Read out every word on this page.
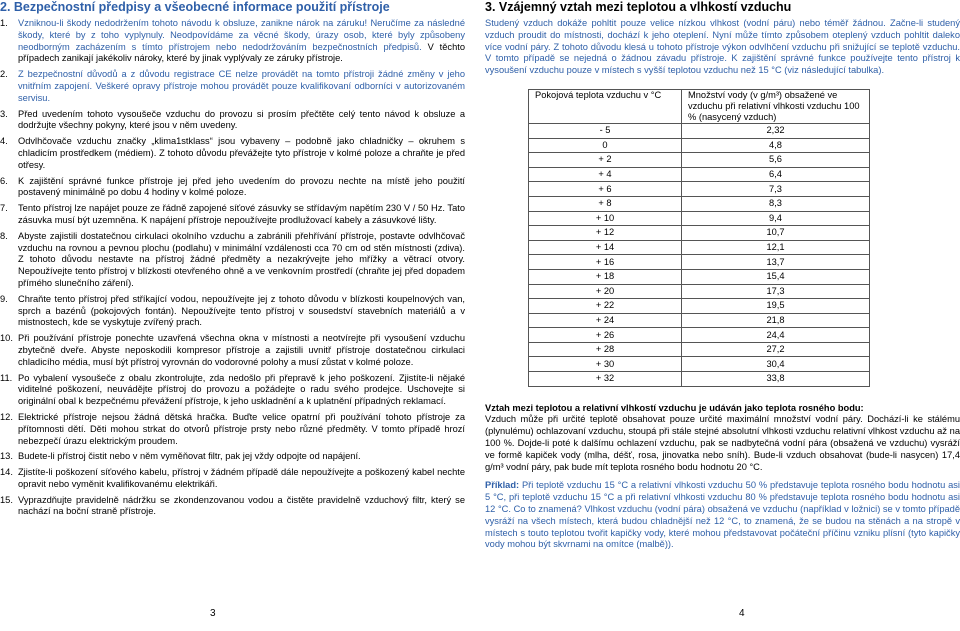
2. Bezpečnostní předpisy a všeobecné informace použití přístroje
1.	Vzniknou-li škody nedodržením tohoto návodu k obsluze, zanikne nárok na záruku! Neručíme za následné škody, které by z toho vyplynuly. Neodpovídáme za věcné škody, úrazy osob, které byly způsobeny neodborným zacházením s tímto přístrojem nebo nedodržováním bezpečnostních předpisů. V těchto případech zanikají jakékoliv nároky, které by jinak vyplývaly ze záruky přístroje.
2.	Z bezpečnostní důvodů a z důvodu registrace CE nelze provádět na tomto přístroji žádné změny v jeho vnitřním zapojení. Veškeré opravy přístroje mohou provádět pouze kvalifikovaní odborníci v autorizovaném servisu.
3.	Před uvedením tohoto vysoušeče vzduchu do provozu si prosím přečtěte celý tento návod k obsluze a dodržujte všechny pokyny, které jsou v něm uvedeny.
4.	Odvlhčovače vzduchu značky „klima1stklass“ jsou vybaveny – podobně jako chladničky – okruhem s chladicím prostředkem (médiem). Z tohoto důvodu převážejte tyto přístroje v kolmé poloze a chraňte je před otřesy.
6.	K zajištění správné funkce přístroje jej před jeho uvedením do provozu nechte na místě jeho použití postavený minimálně po dobu 4 hodiny v kolmé poloze.
7.	Tento přístroj lze napájet pouze ze řádně zapojené síťové zásuvky se střídavým napětím 230 V / 50 Hz. Tato zásuvka musí být uzemněna. K napájení přístroje nepoužívejte prodlužovací kabely a zásuvkové lišty.
8.	Abyste zajistili dostatečnou cirkulaci okolního vzduchu a zabránili přehřívání přístroje, postavte odvlhčovač vzduchu na rovnou a pevnou plochu (podlahu) v minimální vzdálenosti cca 70 cm od stěn místnosti (zdiva). Z tohoto důvodu nestavte na přístroj žádné předměty a nezakrývejte jeho mřížky a větrací otvory. Nepoužívejte tento přístroj v blízkosti otevřeného ohně a ve venkovním prostředí (chraňte jej před dopadem přímého slunečního záření).
9.	Chraňte tento přístroj před stříkající vodou, nepoužívejte jej z tohoto důvodu v blízkosti koupelnových van, sprch a bazénů (pokojových fontán). Nepoužívejte tento přístroj v sousedství stavebních materiálů a v mistnostech, kde se vyskytuje zvířený prach.
10. Při používání přístroje ponechte uzavřená všechna okna v místnosti a neotvírejte při vysoušení vzduchu zbytečně dveře. Abyste neposkodili kompresor přístroje a zajistili uvnitř přístroje dostatečnou cirkulaci chladicího média, musí být přístroj vyrovnán do vodorovné polohy a musí zůstat v kolmé poloze.
11. Po vybalení vysoušeče z obalu zkontrolujte, zda nedošlo při přepravě k jeho poškození. Zjistíte-li nějaké viditelné poškození, neuvádějte přístroj do provozu a požádejte o radu svého prodejce. Uschovejte si originální obal k bezpečnému převážení přístroje, k jeho uskladnění a k uplatnění případných reklamací.
12. Elektrické přístroje nejsou žádná dětská hračka. Buďte velice opatrní při používání tohoto přístroje za přítomnosti dětí. Děti mohou strkat do otvorů přístroje prsty nebo různé předměty. V tomto případě hrozí nebezpečí úrazu elektrickým proudem.
13. Budete-li přístroj čistit nebo v něm vyměňovat filtr, pak jej vždy odpojte od napájení.
14. Zjistíte-li poškození síťového kabelu, přístroj v žádném případě dále nepoužívejte a poškozený kabel nechte opravit nebo vyměnit kvalifikovanému elektrikáři.
15. Vyprazdňujte pravidelně nádržku se zkondenzovanou vodou a čistěte pravidelně vzduchový filtr, který se nachází na boční straně přístroje.
3. Vzájemný vztah mezi teplotou a vlhkostí vzduchu

Studený vzduch dokáže pohltit pouze velice nízkou vlhkost (vodní páru) nebo téměř žádnou. Začne-li studený vzduch proudit do místnosti, dochází k jeho oteplení. Nyní může tímto způsobem oteplený vzduch pohltit daleko více vodní páry. Z tohoto důvodu klesá u tohoto přístroje výkon odvlhčení vzduchu při snižující se teplotě vzduchu. V tomto případě se nejedná o žádnou závadu přístroje. K zajištění správné funkce používejte tento přístroj k vysoušení vzduchu pouze v místech s vyšší teplotou vzduchu než 15 °C (viz následující tabulka).

Pokojová teplota vzduchu v °C	Množství vody (v g/m³) obsažené ve vzduchu při relativní vlhkosti vzduchu 100 % (nasycený vzduch)
- 5	2,32
0	4,8
+ 2	5,6
+ 4	6,4
+ 6	7,3
+ 8	8,3
+ 10	9,4
+ 12	10,7
+ 14	12,1
+ 16	13,7
+ 18	15,4
+ 20	17,3
+ 22	19,5
+ 24	21,8
+ 26	24,4
+ 28	27,2
+ 30	30,4
+ 32	33,8

Vztah mezi teplotou a relativní vlhkostí vzduchu je udáván jako teplota rosného bodu:

Vzduch může při určité teplotě obsahovat pouze určité maximální množství vodní páry. Dochází-li ke stálému (plynulému) ochlazovaní vzduchu, stoupá při stále stejné absolutní vlhkosti vzduchu relativní vlhkost vzduchu až na 100 %. Dojde-li poté k dalšímu ochlazení vzduchu, pak se nadbytečná vodní pára (obsažená ve vzduchu) vysráží ve formě kapiček vody (mlha, déšť, rosa, jinovatka nebo sníh). Bude-li vzduch obsahovat (bude-li nasycen) 17,4 g/m³ vodní páry, pak bude mít teplota rosného bodu hodnotu 20 °C.

Příklad: Při teplotě vzduchu 15 °C a relativní vlhkosti vzduchu 50 % představuje teplota rosného bodu hodnotu asi 5 °C, při teplotě vzduchu 15 °C a při relativní vlhkosti vzduchu 80 % představuje teplota rosného bodu hodnotu asi 12 °C. Co to znamená? Vlhkost vzduchu (vodní pára) obsažená ve vzduchu (například v ložnici) se v tomto případě vysráží na všech místech, která budou chladnější než 12 °C, to znamená, že se budou na stěnách a na stropě v místech s touto teplotou tvořit kapičky vody, které mohou představovat počáteční příčinu vzniku plísní (tyto kapičky vody mohou být skvrnami na omítce (malbě)).

3	4
